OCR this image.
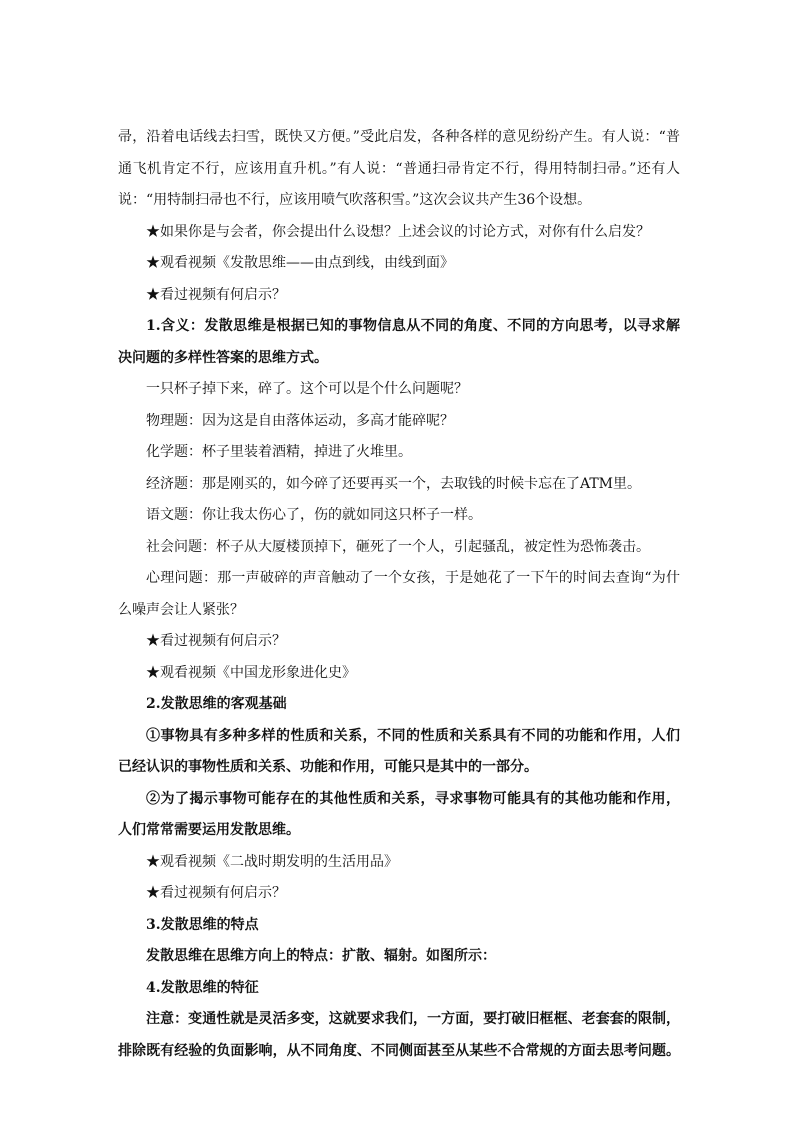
帚，沿着电话线去扫雪，既快又方便。”受此启发，各种各样的意见纷纷产生。有人说：“普

通飞机肯定不行，应该用直升机。”有人说：“普通扫帚肯定不行，得用特制扫帚。”还有人

说：“用特制扫帚也不行，应该用喷气吹落积雪。”这次会议共产生36个设想。

★如果你是与会者，你会提出什么设想？上述会议的讨论方式，对你有什么启发？

★观看视频《发散思维——由点到线，由线到面》

★看过视频有何启示？

1.含义：发散思维是根据已知的事物信息从不同的角度、不同的方向思考，以寻求解

决问题的多样性答案的思维方式。

一只杯子掉下来，碎了。这个可以是个什么问题呢？

物理题：因为这是自由落体运动，多高才能碎呢？

化学题：杯子里装着酒精，掉进了火堆里。

经济题：那是刚买的，如今碎了还要再买一个，去取钱的时候卡忘在了ATM里。

语文题：你让我太伤心了，伤的就如同这只杯子一样。

社会问题：杯子从大厦楼顶掉下，砸死了一个人，引起骚乱，被定性为恐怖袭击。

心理问题：那一声破碎的声音触动了一个女孩，于是她花了一下午的时间去查询“为什

么噪声会让人紧张？

★看过视频有何启示？

★观看视频《中国龙形象进化史》

2.发散思维的客观基础

①事物具有多种多样的性质和关系，不同的性质和关系具有不同的功能和作用，人们

已经认识的事物性质和关系、功能和作用，可能只是其中的一部分。

②为了揭示事物可能存在的其他性质和关系，寻求事物可能具有的其他功能和作用，

人们常常需要运用发散思维。

★观看视频《二战时期发明的生活用品》

★看过视频有何启示？

3.发散思维的特点

发散思维在思维方向上的特点：扩散、辐射。如图所示：

4.发散思维的特征

注意：变通性就是灵活多变，这就要求我们，一方面，要打破旧框框、老套套的限制，

排除既有经验的负面影响，从不同角度、不同侧面甚至从某些不合常规的方面去思考问题。
